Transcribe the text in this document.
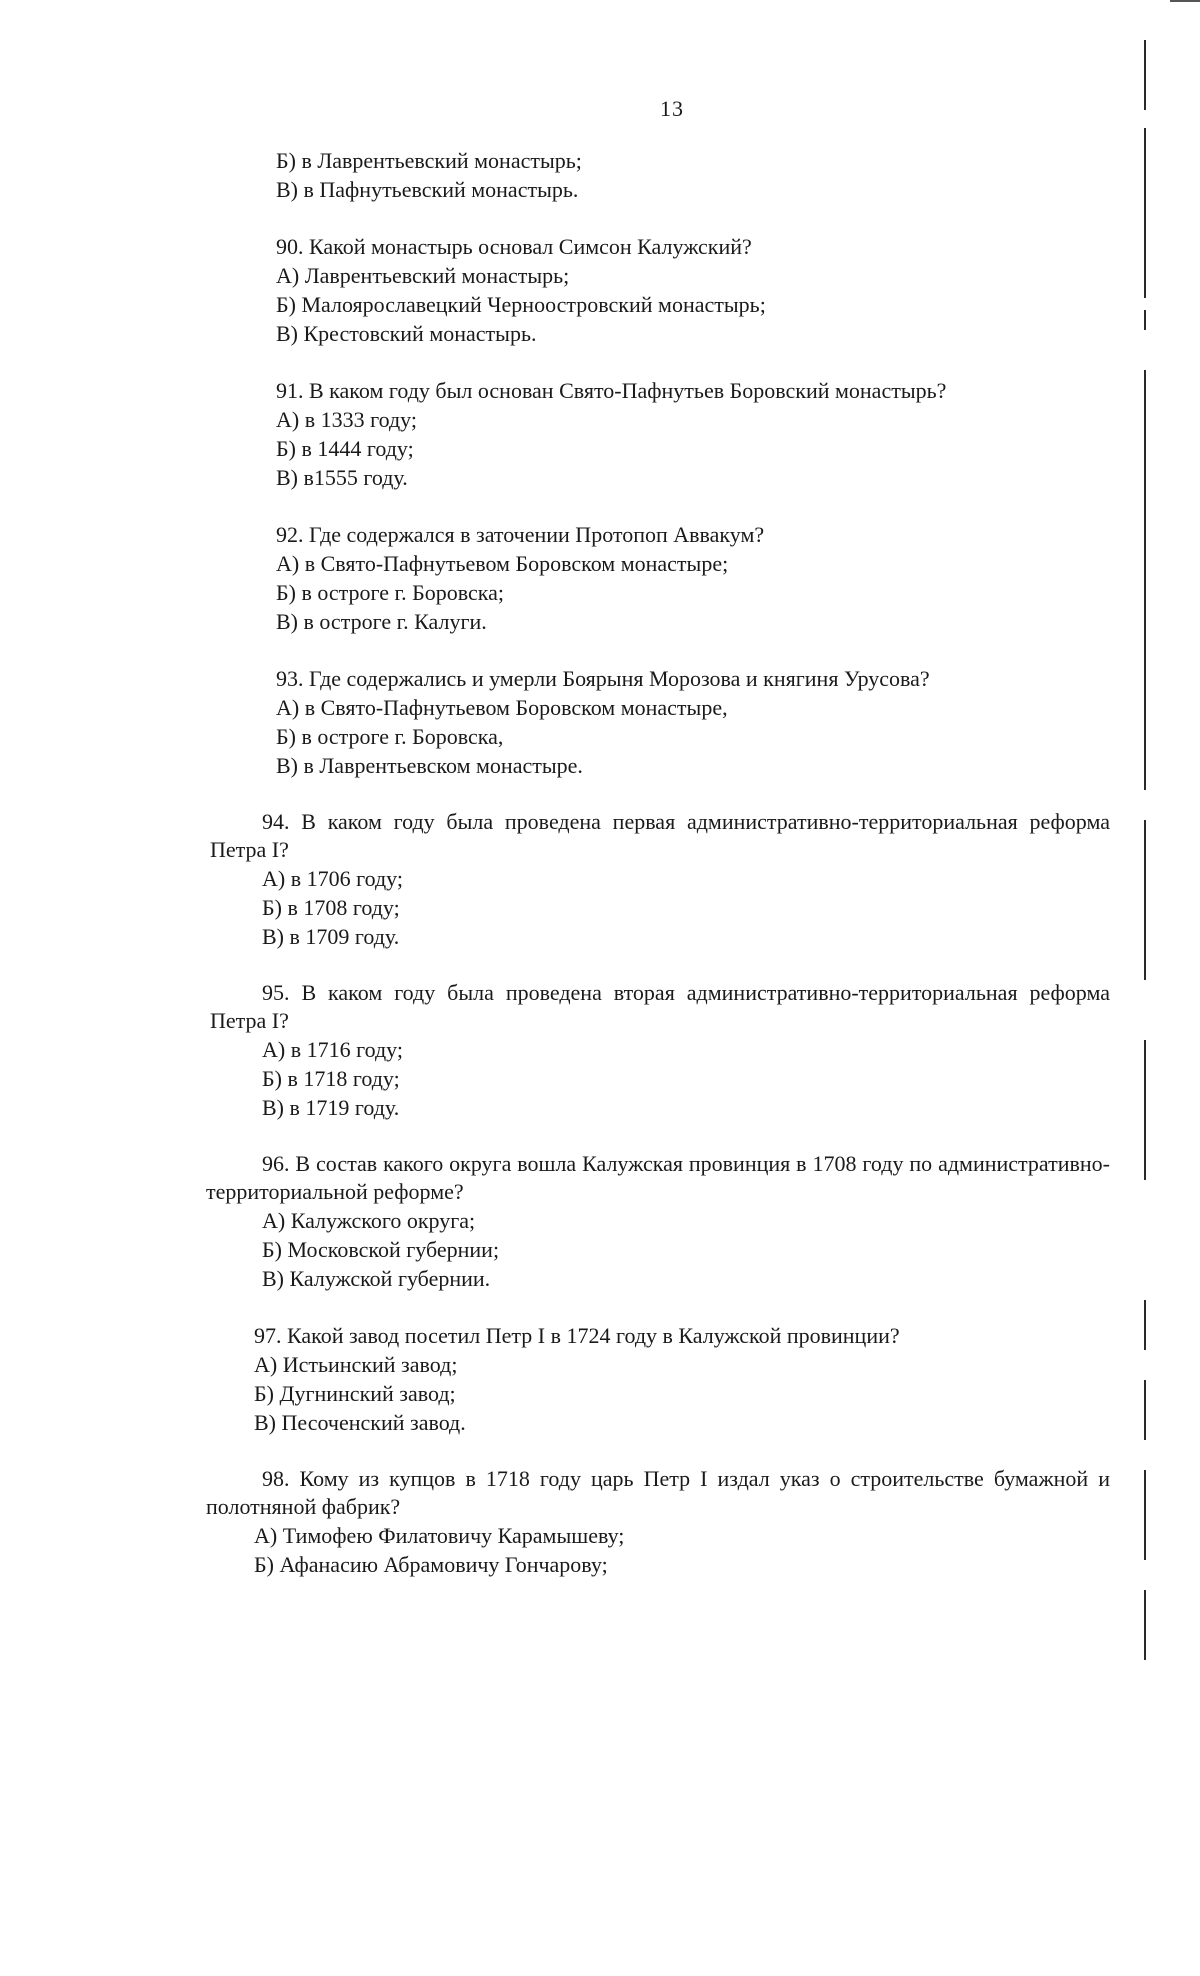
13
Б) в Лаврентьевский монастырь;
В) в Пафнутьевский монастырь.
90. Какой монастырь основал Симсон Калужский?
А) Лаврентьевский монастырь;
Б) Малоярославецкий Черноостровский монастырь;
В) Крестовский монастырь.
91. В каком году был основан Свято-Пафнутьев Боровский монастырь?
А) в 1333 году;
Б) в 1444 году;
В) в1555 году.
92. Где содержался в заточении Протопоп Аввакум?
А) в Свято-Пафнутьевом Боровском монастыре;
Б) в остроге г. Боровска;
В) в остроге г. Калуги.
93. Где содержались и умерли Боярыня Морозова и княгиня Урусова?
А) в Свято-Пафнутьевом Боровском монастыре,
Б) в остроге г. Боровска,
В) в Лаврентьевском монастыре.
94. В каком году была проведена первая административно-территориальная реформа Петра I?
А) в 1706 году;
Б) в 1708 году;
В) в 1709 году.
95. В каком году была проведена вторая административно-территориальная реформа Петра I?
А) в 1716 году;
Б) в 1718 году;
В) в 1719 году.
96. В состав какого округа вошла Калужская провинция в 1708 году по административно-территориальной реформе?
А) Калужского округа;
Б) Московской губернии;
В) Калужской губернии.
97. Какой завод посетил Петр I в 1724 году в Калужской провинции?
А) Истьинский завод;
Б) Дугнинский завод;
В) Песоченский завод.
98. Кому из купцов в 1718 году царь Петр I издал указ о строительстве бумажной и полотняной фабрик?
А) Тимофею Филатовичу Карамышеву;
Б) Афанасию Абрамовичу Гончарову;
